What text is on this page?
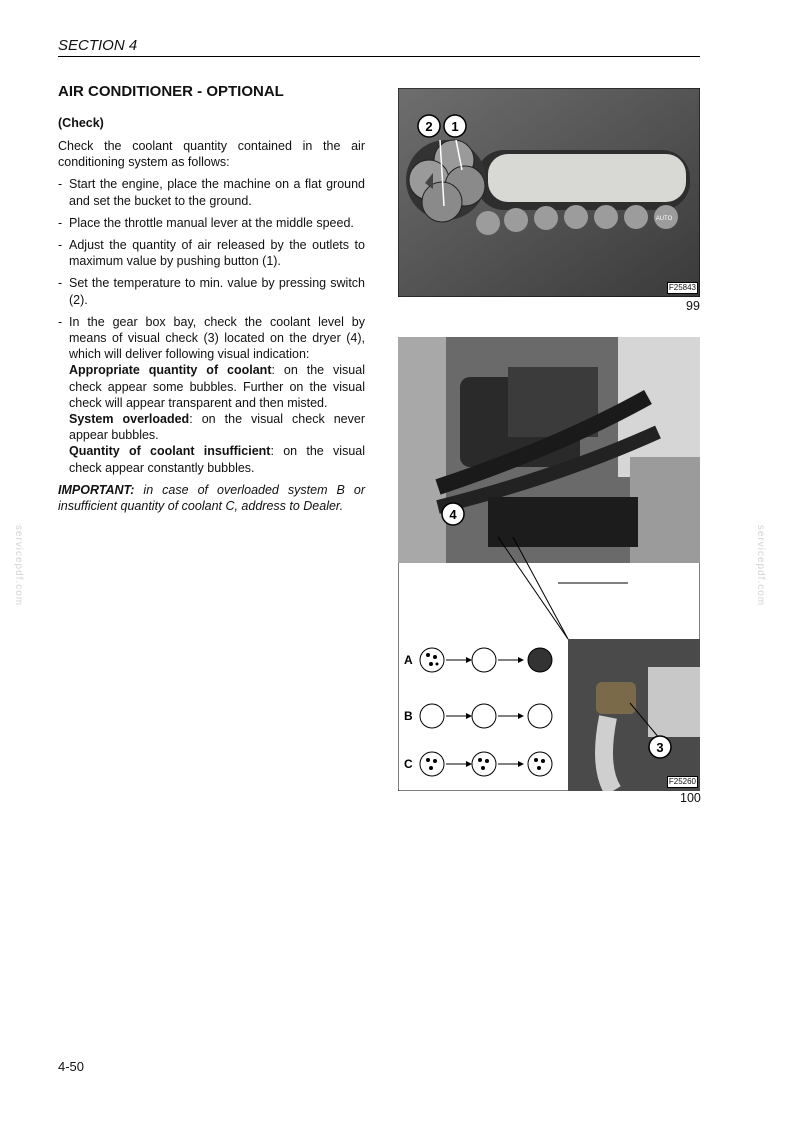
SECTION 4
AIR CONDITIONER - OPTIONAL
(Check)

Check the coolant quantity contained in the air conditioning system as follows:

- Start the engine, place the machine on a flat ground and set the bucket to the ground.
- Place the throttle manual lever at the middle speed.
- Adjust the quantity of air released by the outlets to maximum value by pushing button (1).
- Set the temperature to min. value by pressing switch (2).
- In the gear box bay, check the coolant level by means of visual check (3) located on the dryer (4), which will deliver following visual indication:
Appropriate quantity of coolant: on the visual check appear some bubbles. Further on the visual check will appear transparent and then misted.
System overloaded: on the visual check never appear bubbles.
Quantity of coolant insufficient: on the visual check appear constantly bubbles.

IMPORTANT: in case of overloaded system B or insufficient quantity of coolant C, address to Dealer.

AUTO
2 1
F25843
99
4
3
A
B
C
F25260
100
servicepdf.com	servicepdf.com
4-50
